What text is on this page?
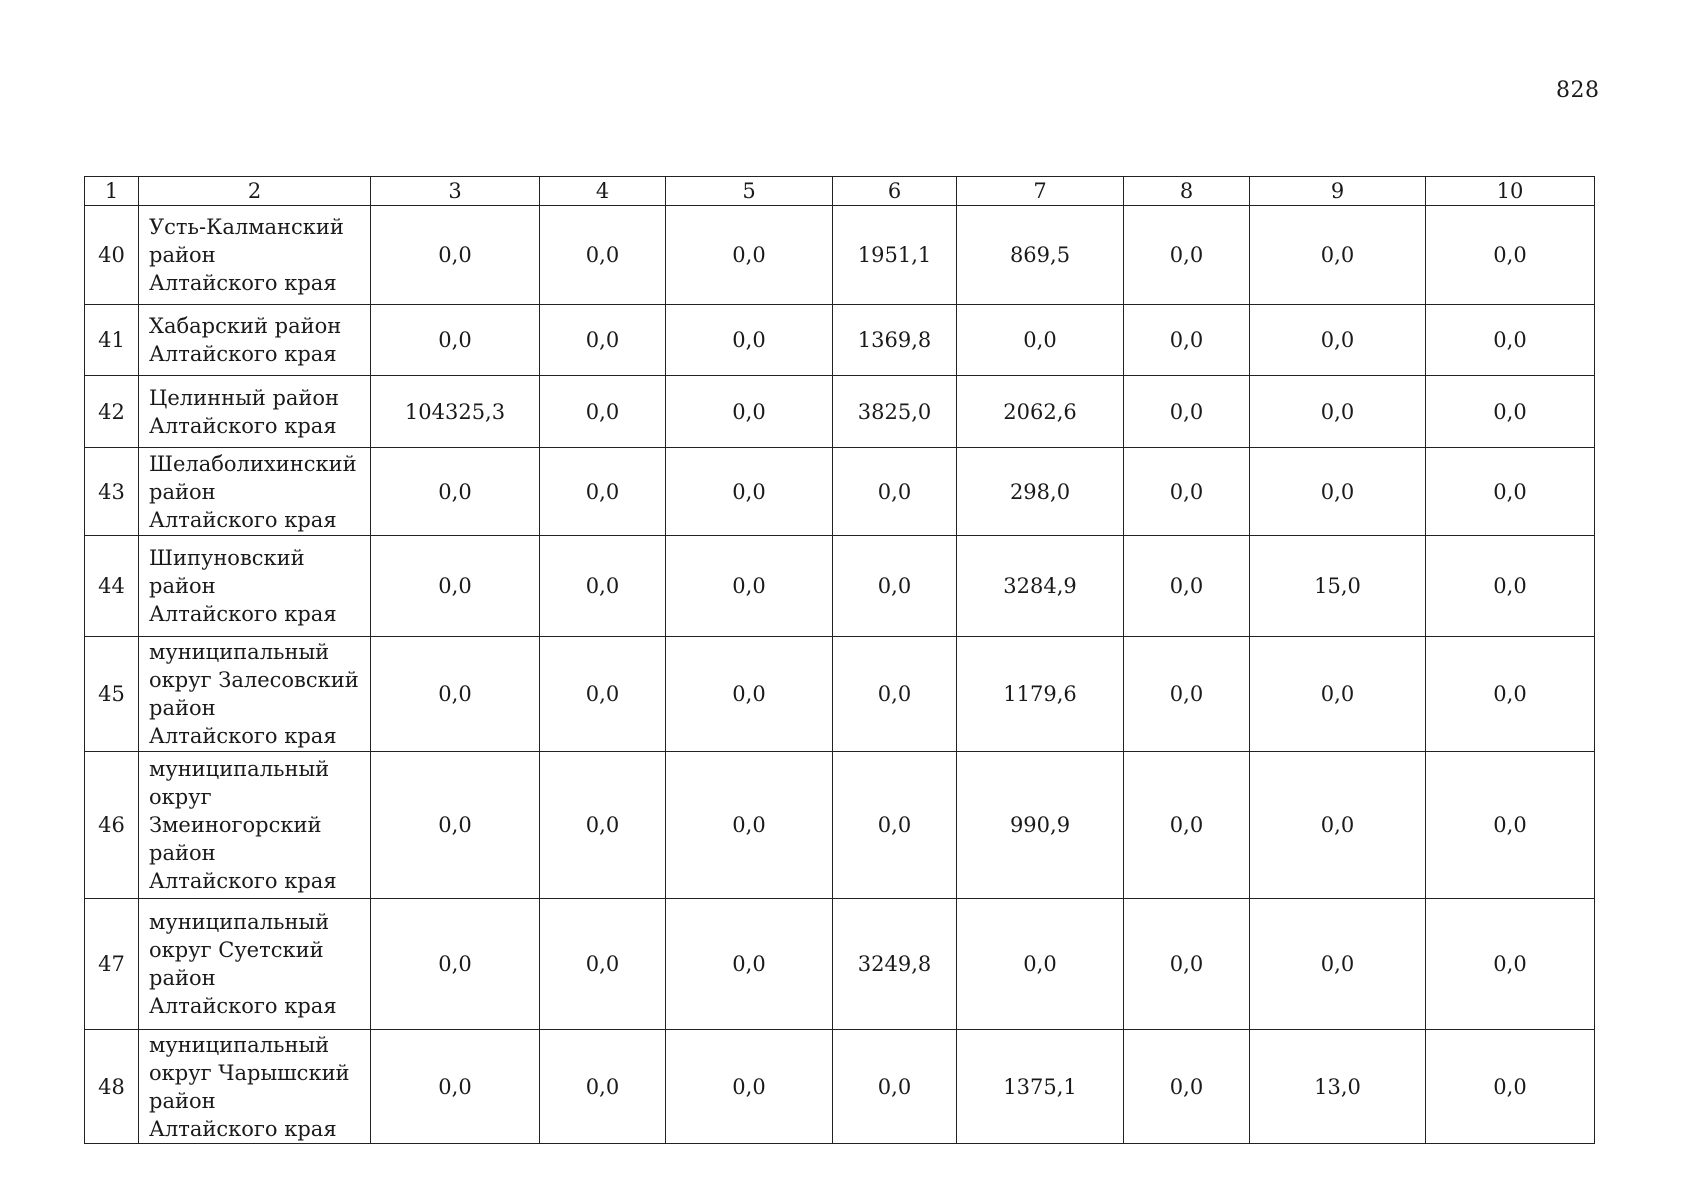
828
1	2	3	4	5	6	7	8	9	10
40	Усть-Калманский
район
Алтайского края	0,0	0,0	0,0	1951,1	869,5	0,0	0,0	0,0
41	Хабарский район
Алтайского края	0,0	0,0	0,0	1369,8	0,0	0,0	0,0	0,0
42	Целинный район
Алтайского края	104325,3	0,0	0,0	3825,0	2062,6	0,0	0,0	0,0
43	Шелаболихинский
район
Алтайского края	0,0	0,0	0,0	0,0	298,0	0,0	0,0	0,0
44	Шипуновский
район
Алтайского края	0,0	0,0	0,0	0,0	3284,9	0,0	15,0	0,0
45	муниципальный
округ Залесовский
район
Алтайского края	0,0	0,0	0,0	0,0	1179,6	0,0	0,0	0,0
46	муниципальный
округ
Змеиногорский
район
Алтайского края	0,0	0,0	0,0	0,0	990,9	0,0	0,0	0,0
47	муниципальный
округ Суетский
район
Алтайского края	0,0	0,0	0,0	3249,8	0,0	0,0	0,0	0,0
48	муниципальный
округ Чарышский
район
Алтайского края	0,0	0,0	0,0	0,0	1375,1	0,0	13,0	0,0
